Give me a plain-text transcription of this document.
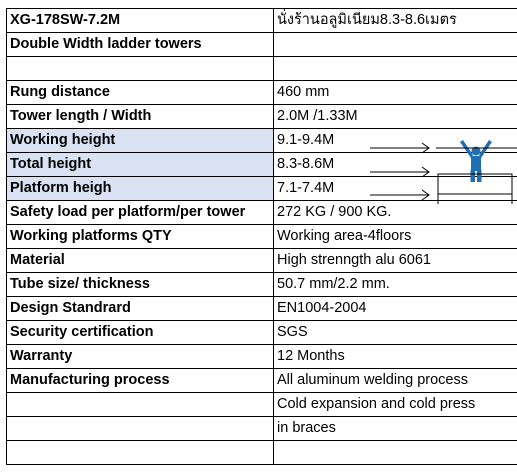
XG-178SW-7.2M	นั่งร้านอลูมิเนียม8.3-8.6เมตร
Double Width ladder towers	

Rung distance	460 mm
Tower length / Width	2.0M /1.33M
Working height	9.1-9.4M
Total height	8.3-8.6M
Platform heigh	7.1-7.4M
Safety load per platform/per tower	272 KG / 900 KG.
Working platforms QTY	Working area-4floors
Material	High strenngth alu 6061
Tube size/ thickness	50.7 mm/2.2 mm.
Design Standrard	EN1004-2004
Security certification	SGS
Warranty	12 Months
Manufacturing process	All aluminum welding process
	Cold expansion and cold press
	in braces
